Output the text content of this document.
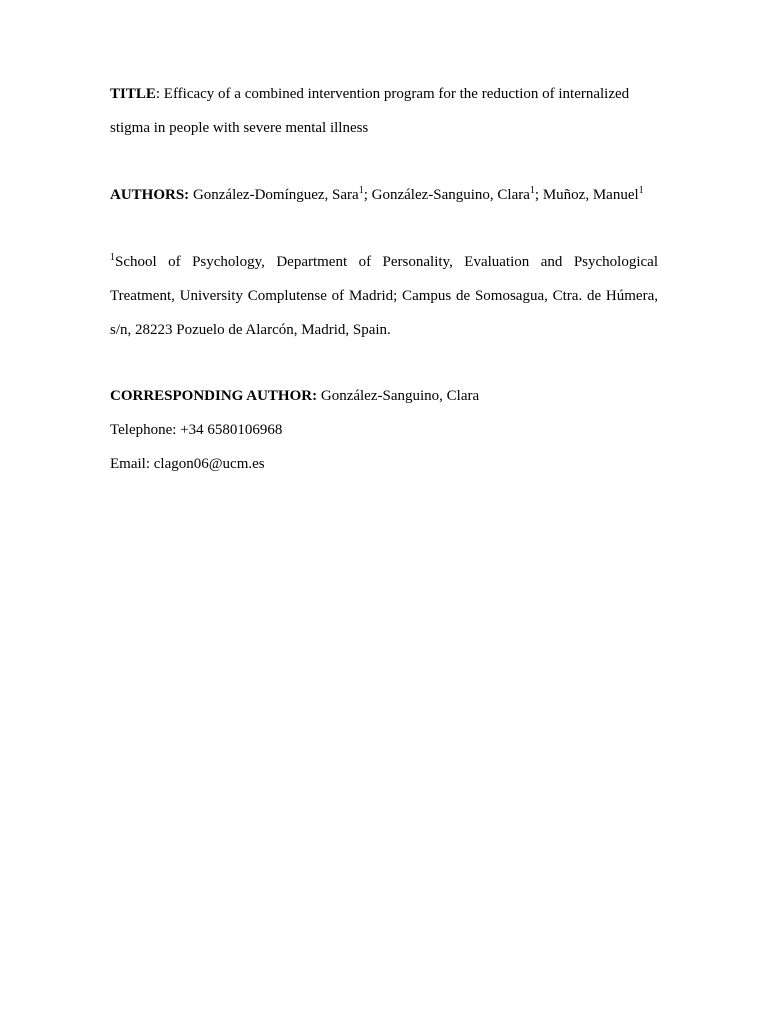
TITLE: Efficacy of a combined intervention program for the reduction of internalized
stigma in people with severe mental illness
AUTHORS: González-Domínguez, Sara$^1$; González-Sanguino, Clara$^1$; Muñoz, Manuel$^1$
$^1$School of Psychology, Department of Personality, Evaluation and Psychological
Treatment, University Complutense of Madrid; Campus de Somosagua, Ctra. de Húmera,
s/n, 28223 Pozuelo de Alarcón, Madrid, Spain.
CORRESPONDING AUTHOR: González-Sanguino, Clara
Telephone: +34 6580106968
Email: clagon06@ucm.es
